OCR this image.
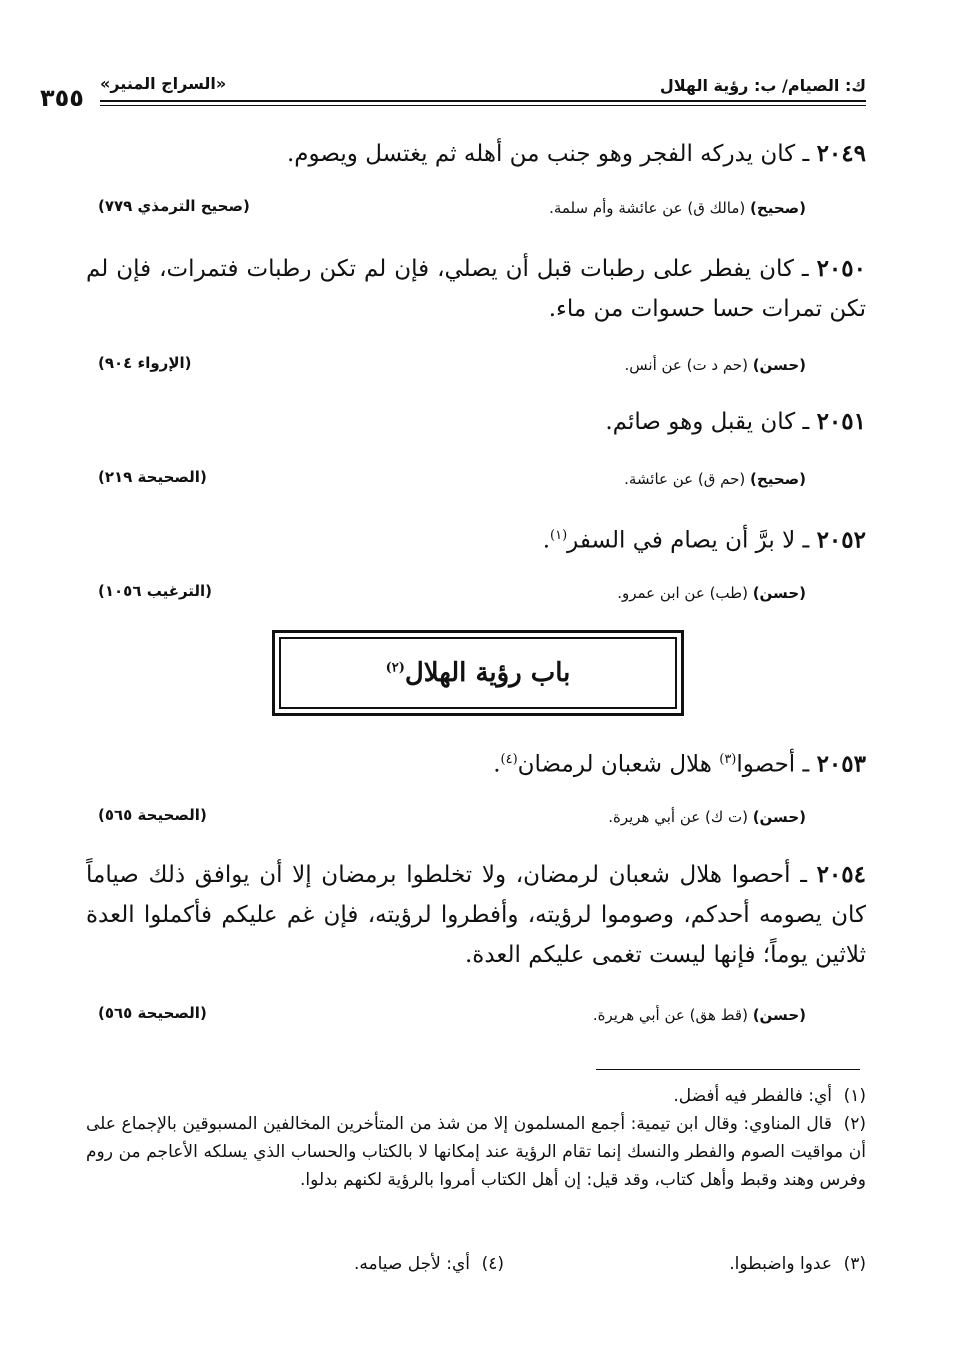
ك: الصيام/ ب: رؤية الهلال
«السراج المنير»
٣٥٥
٢٠٤٩ ـ كان يدركه الفجر وهو جنب من أهله ثم يغتسل ويصوم.
(صحيح) (مالك ق) عن عائشة وأم سلمة.
(صحيح الترمذي ٧٧٩)
٢٠٥٠ ـ كان يفطر على رطبات قبل أن يصلي، فإن لم تكن رطبات فتمرات، فإن لم تكن تمرات حسا حسوات من ماء.
(حسن) (حم د ت) عن أنس.
(الإرواء ٩٠٤)
٢٠٥١ ـ كان يقبل وهو صائم.
(صحيح) (حم ق) عن عائشة.
(الصحيحة ٢١٩)
٢٠٥٢ ـ لا برَّ أن يصام في السفر$^{(١)}$.
(حسن) (طب) عن ابن عمرو.
(الترغيب ١٠٥٦)
باب رؤية الهلال$^{(٢)}$
٢٠٥٣ ـ أحصوا$^{(٣)}$ هلال شعبان لرمضان$^{(٤)}$.
(حسن) (ت ك) عن أبي هريرة.
(الصحيحة ٥٦٥)
٢٠٥٤ ـ أحصوا هلال شعبان لرمضان، ولا تخلطوا برمضان إلا أن يوافق ذلك صياماً كان يصومه أحدكم، وصوموا لرؤيته، وأفطروا لرؤيته، فإن غم عليكم فأكملوا العدة ثلاثين يوماً؛ فإنها ليست تغمى عليكم العدة.
(حسن) (قط هق) عن أبي هريرة.
(الصحيحة ٥٦٥)
(١)أي: فالفطر فيه أفضل.
(٢)قال المناوي: وقال ابن تيمية: أجمع المسلمون إلا من شذ من المتأخرين المخالفين المسبوقين بالإجماع على أن مواقيت الصوم والفطر والنسك إنما تقام الرؤية عند إمكانها لا بالكتاب والحساب الذي يسلكه الأعاجم من روم وفرس وهند وقبط وأهل كتاب، وقد قيل: إن أهل الكتاب أمروا بالرؤية لكنهم بدلوا.
(٣)عدوا واضبطوا.
(٤)أي: لأجل صيامه.
